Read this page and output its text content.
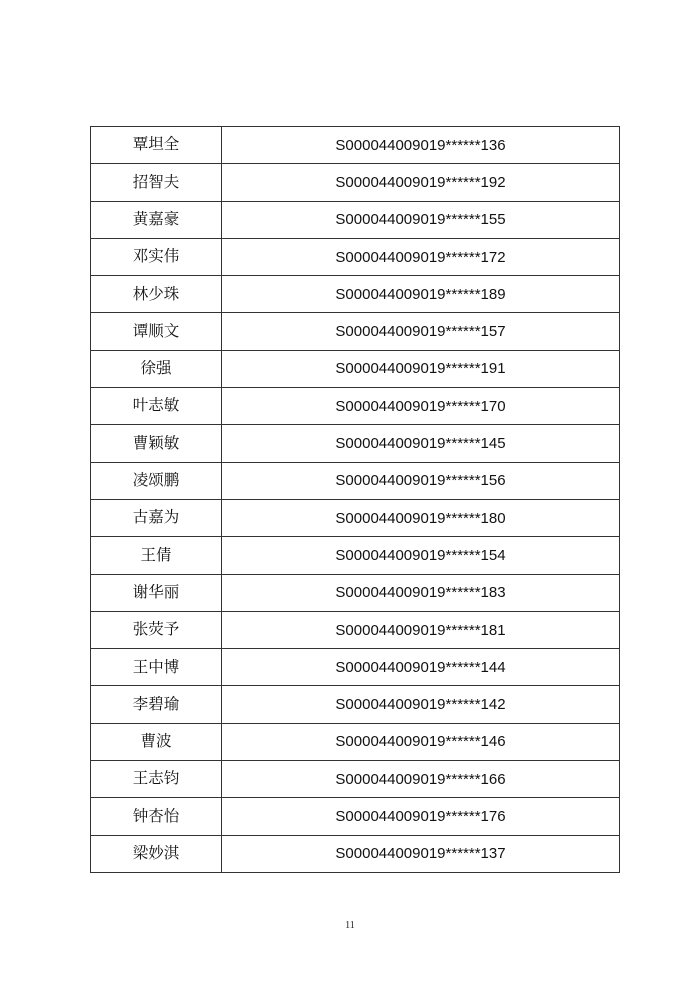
覃坦全	S000044009019******136
招智夫	S000044009019******192
黄嘉豪	S000044009019******155
邓实伟	S000044009019******172
林少珠	S000044009019******189
谭顺文	S000044009019******157
徐强	S000044009019******191
叶志敏	S000044009019******170
曹颖敏	S000044009019******145
凌颂鹏	S000044009019******156
古嘉为	S000044009019******180
王倩	S000044009019******154
谢华丽	S000044009019******183
张荧予	S000044009019******181
王中博	S000044009019******144
李碧瑜	S000044009019******142
曹波	S000044009019******146
王志钧	S000044009019******166
钟杏怡	S000044009019******176
梁妙淇	S000044009019******137
11
